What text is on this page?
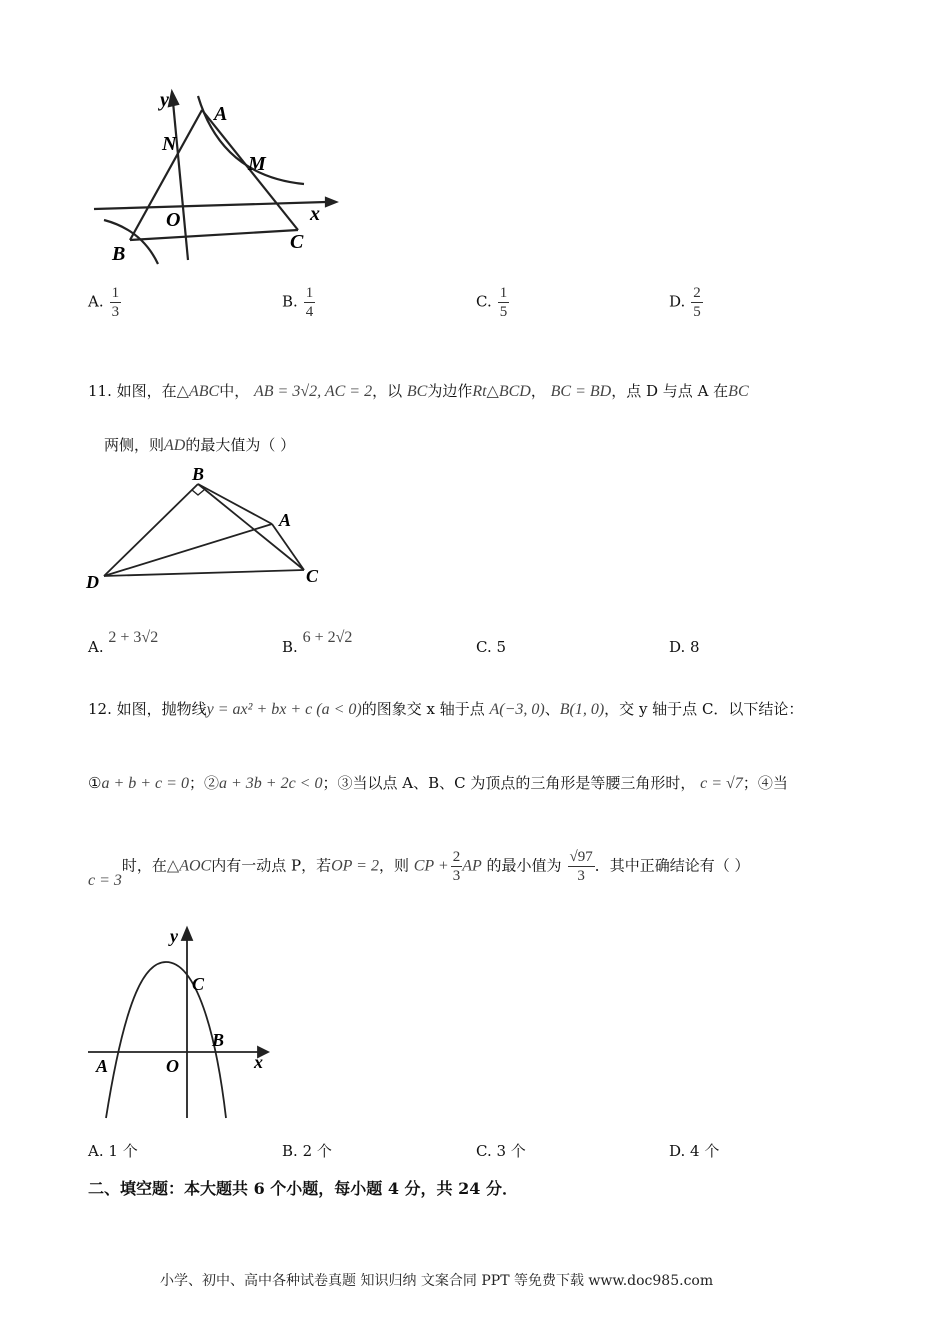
y
A
N
M
O	x
B
C
A. $\frac{1}{3}$	B. $\frac{1}{4}$	C. $\frac{1}{5}$	D. $\frac{2}{5}$
11. 如图，在△ABC中， AB = 3√2, AC = 2，以 BC为边作Rt△BCD， BC = BD，点 D 与点 A 在BC
两侧，则AD的最大值为（ ）
B
A
D	C
A. 2 + 3√2
B. 6 + 2√2
C. 5	D. 8
12. 如图，抛物线y = ax² + bx + c (a < 0)的图象交 x 轴于点 A(−3, 0)、B(1, 0)，交 y 轴于点 C．以下结论：
①a + b + c = 0；②a + 3b + 2c < 0；③当以点 A、B、C 为顶点的三角形是等腰三角形时， c = √7；④当
c = 3时，在△AOC内有一动点 P，若OP = 2，则 CP + $\frac{2}{3}$ AP 的最小值为 $\frac{√97}{3}$ ．其中正确结论有（ ）
y
C
B
A	O	x
A. 1 个	B. 2 个	C. 3 个	D. 4 个
二、填空题：本大题共 6 个小题，每小题 4 分，共 24 分．
小学、初中、高中各种试卷真题 知识归纳 文案合同 PPT 等免费下载 www.doc985.com
